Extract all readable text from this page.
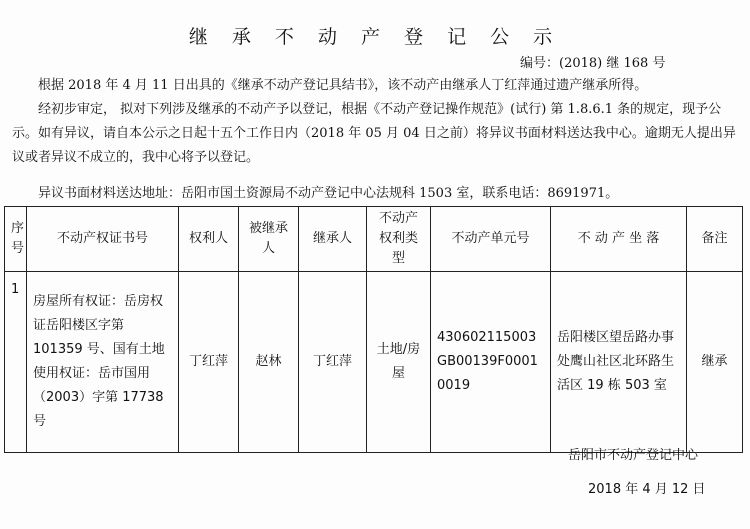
继 承 不 动 产 登 记 公 示
编号：(2018) 继 168 号
根据 2018 年 4 月 11 日出具的《继承不动产登记具结书》，该不动产由继承人丁红萍通过遗产继承所得。
经初步审定， 拟对下列涉及继承的不动产予以登记，根据《不动产登记操作规范》(试行) 第 1.8.6.1 条的规定，现予公示。如有异议，请自本公示之日起十五个工作日内（2018 年 05 月 04 日之前）将异议书面材料送达我中心。逾期无人提出异议或者异议不成立的，我中心将予以登记。
异议书面材料送达地址：岳阳市国土资源局不动产登记中心法规科 1503 室，联系电话：8691971。
序号	不动产权证书号	权利人	被继承人	继承人	不动产权利类型	不动产单元号	不 动 产 坐 落	备注
1	房屋所有权证：岳房权证岳阳楼区字第 101359 号、国有土地使用权证：岳市国用（2003）字第 17738 号	丁红萍	赵林	丁红萍	土地/房屋	430602115003GB00139F00010019	岳阳楼区望岳路办事处鹰山社区北环路生活区 19 栋 503 室	继承
岳阳市不动产登记中心
2018 年 4 月 12 日
